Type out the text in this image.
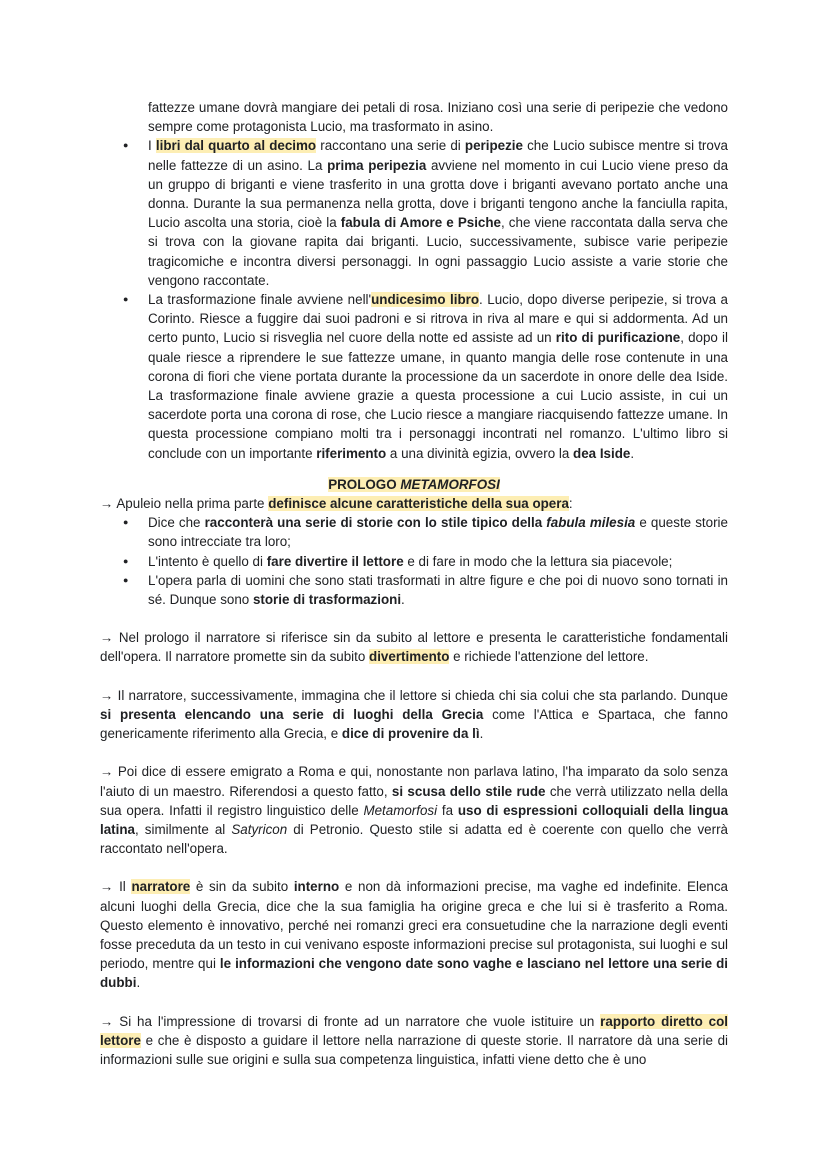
fattezze umane dovrà mangiare dei petali di rosa. Iniziano così una serie di peripezie che vedono sempre come protagonista Lucio, ma trasformato in asino.
● I libri dal quarto al decimo raccontano una serie di peripezie che Lucio subisce mentre si trova nelle fattezze di un asino. La prima peripezia avviene nel momento in cui Lucio viene preso da un gruppo di briganti e viene trasferito in una grotta dove i briganti avevano portato anche una donna. Durante la sua permanenza nella grotta, dove i briganti tengono anche la fanciulla rapita, Lucio ascolta una storia, cioè la fabula di Amore e Psiche, che viene raccontata dalla serva che si trova con la giovane rapita dai briganti. Lucio, successivamente, subisce varie peripezie tragicomiche e incontra diversi personaggi. In ogni passaggio Lucio assiste a varie storie che vengono raccontate.
● La trasformazione finale avviene nell'undicesimo libro. Lucio, dopo diverse peripezie, si trova a Corinto. Riesce a fuggire dai suoi padroni e si ritrova in riva al mare e qui si addormenta. Ad un certo punto, Lucio si risveglia nel cuore della notte ed assiste ad un rito di purificazione, dopo il quale riesce a riprendere le sue fattezze umane, in quanto mangia delle rose contenute in una corona di fiori che viene portata durante la processione da un sacerdote in onore delle dea Iside. La trasformazione finale avviene grazie a questa processione a cui Lucio assiste, in cui un sacerdote porta una corona di rose, che Lucio riesce a mangiare riacquisendo fattezze umane. In questa processione compiano molti tra i personaggi incontrati nel romanzo. L'ultimo libro si conclude con un importante riferimento a una divinità egizia, ovvero la dea Iside.

PROLOGO METAMORFOSI

→ Apuleio nella prima parte definisce alcune caratteristiche della sua opera:

● Dice che racconterà una serie di storie con lo stile tipico della fabula milesia e queste storie sono intrecciate tra loro;
● L'intento è quello di fare divertire il lettore e di fare in modo che la lettura sia piacevole;
● L'opera parla di uomini che sono stati trasformati in altre figure e che poi di nuovo sono tornati in sé. Dunque sono storie di trasformazioni.

→ Nel prologo il narratore si riferisce sin da subito al lettore e presenta le caratteristiche fondamentali dell'opera. Il narratore promette sin da subito divertimento e richiede l'attenzione del lettore.

→ Il narratore, successivamente, immagina che il lettore si chieda chi sia colui che sta parlando. Dunque si presenta elencando una serie di luoghi della Grecia come l'Attica e Spartaca, che fanno genericamente riferimento alla Grecia, e dice di provenire da lì.

→ Poi dice di essere emigrato a Roma e qui, nonostante non parlava latino, l'ha imparato da solo senza l'aiuto di un maestro. Riferendosi a questo fatto, si scusa dello stile rude che verrà utilizzato nella della sua opera. Infatti il registro linguistico delle Metamorfosi fa uso di espressioni colloquiali della lingua latina, similmente al Satyricon di Petronio. Questo stile si adatta ed è coerente con quello che verrà raccontato nell'opera.

→ Il narratore è sin da subito interno e non dà informazioni precise, ma vaghe ed indefinite. Elenca alcuni luoghi della Grecia, dice che la sua famiglia ha origine greca e che lui si è trasferito a Roma. Questo elemento è innovativo, perché nei romanzi greci era consuetudine che la narrazione degli eventi fosse preceduta da un testo in cui venivano esposte informazioni precise sul protagonista, sui luoghi e sul periodo, mentre qui le informazioni che vengono date sono vaghe e lasciano nel lettore una serie di dubbi.

→ Si ha l'impressione di trovarsi di fronte ad un narratore che vuole istituire un rapporto diretto col lettore e che è disposto a guidare il lettore nella narrazione di queste storie. Il narratore dà una serie di informazioni sulle sue origini e sulla sua competenza linguistica, infatti viene detto che è uno
